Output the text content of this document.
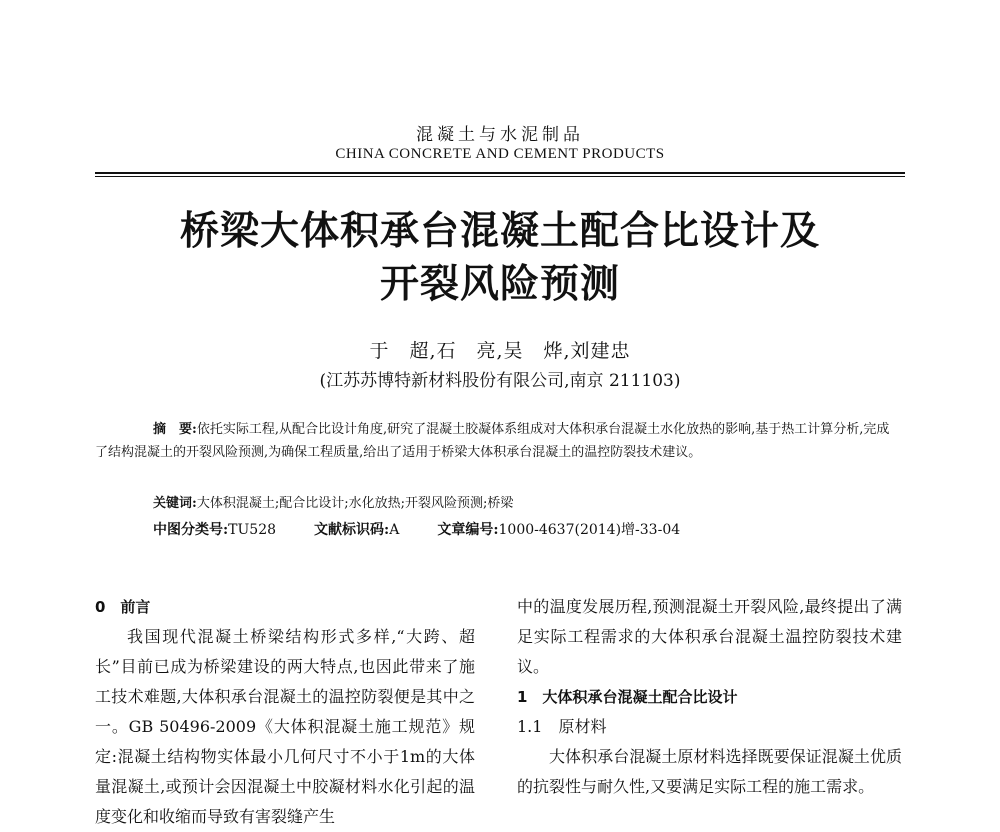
混凝土与水泥制品
CHINA CONCRETE AND CEMENT PRODUCTS
桥梁大体积承台混凝土配合比设计及
开裂风险预测
于　超,石　亮,吴　烨,刘建忠
(江苏苏博特新材料股份有限公司,南京 211103)

摘　要:依托实际工程,从配合比设计角度,研究了混凝土胶凝体系组成对大体积承台混凝土水化放热的影响,基于热工计算分析,完成了结构混凝土的开裂风险预测,为确保工程质量,给出了适用于桥梁大体积承台混凝土的温控防裂技术建议。

关键词:大体积混凝土;配合比设计;水化放热;开裂风险预测;桥梁
中图分类号:TU528	文献标识码:A	文章编号:1000-4637(2014)增-33-04

0　前言

我国现代混凝土桥梁结构形式多样,“大跨、超长”目前已成为桥梁建设的两大特点,也因此带来了施工技术难题,大体积承台混凝土的温控防裂便是其中之一。GB 50496-2009《大体积混凝土施工规范》规定:混凝土结构物实体最小几何尺寸不小于1m的大体量混凝土,或预计会因混凝土中胶凝材料水化引起的温度变化和收缩而导致有害裂缝产生

中的温度发展历程,预测混凝土开裂风险,最终提出了满足实际工程需求的大体积承台混凝土温控防裂技术建议。

1　大体积承台混凝土配合比设计

1.1　原材料

大体积承台混凝土原材料选择既要保证混凝土优质的抗裂性与耐久性,又要满足实际工程的施工需求。
